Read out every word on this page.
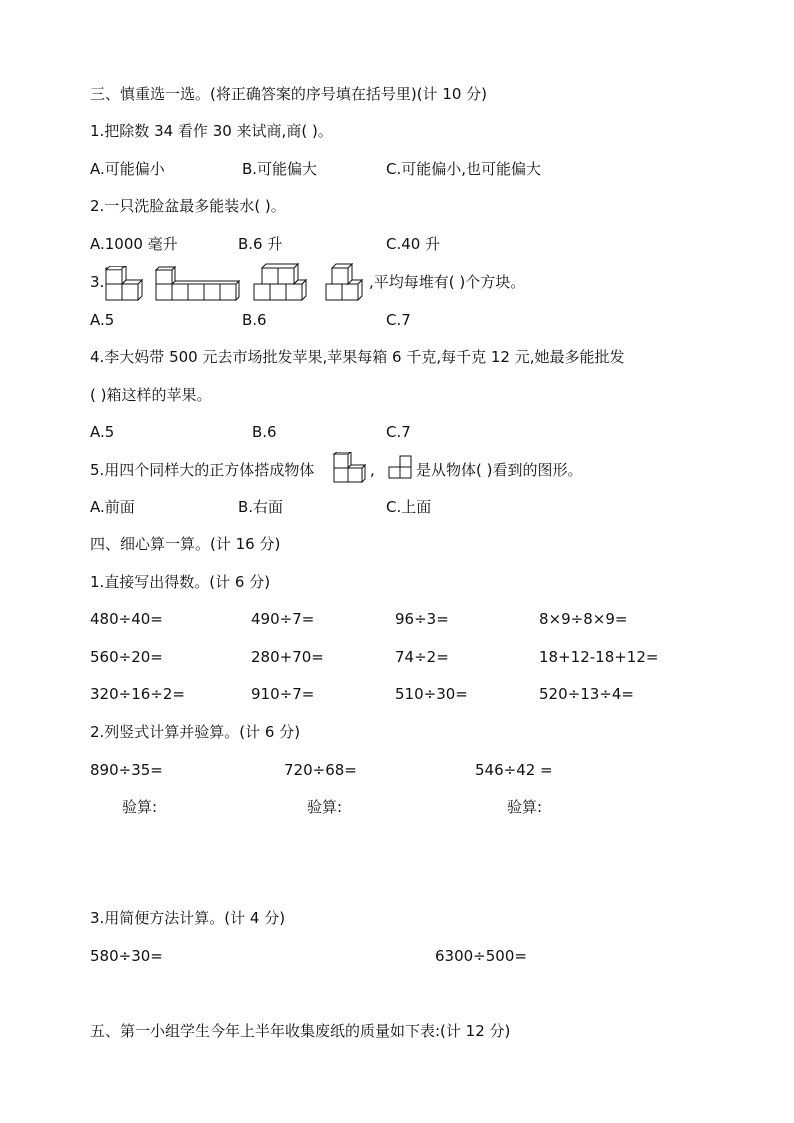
三、慎重选一选。(将正确答案的序号填在括号里)(计 10 分)
1.把除数 34 看作 30 来试商,商( )。
A.可能偏小	B.可能偏大	C.可能偏小,也可能偏大
2.一只洗脸盆最多能装水( )。
A.1000 毫升	B.6 升	C.40 升
3.	,平均每堆有( )个方块。
A.5	B.6	C.7
4.李大妈带 500 元去市场批发苹果,苹果每箱 6 千克,每千克 12 元,她最多能批发
( )箱这样的苹果。
A.5	B.6	C.7
5.用四个同样大的正方体搭成物体	,	是从物体( )看到的图形。
A.前面	B.右面	C.上面
四、细心算一算。(计 16 分)
1.直接写出得数。(计 6 分)
480÷40=	490÷7=	96÷3=	8×9÷8×9=
560÷20=	280+70=	74÷2=	18+12-18+12=
320÷16÷2=	910÷7=	510÷30=	520÷13÷4=
2.列竖式计算并验算。(计 6 分)
890÷35=	720÷68=	546÷42 =
验算:	验算:	验算:
3.用简便方法计算。(计 4 分)
580÷30=	6300÷500=
五、第一小组学生今年上半年收集废纸的质量如下表:(计 12 分)
